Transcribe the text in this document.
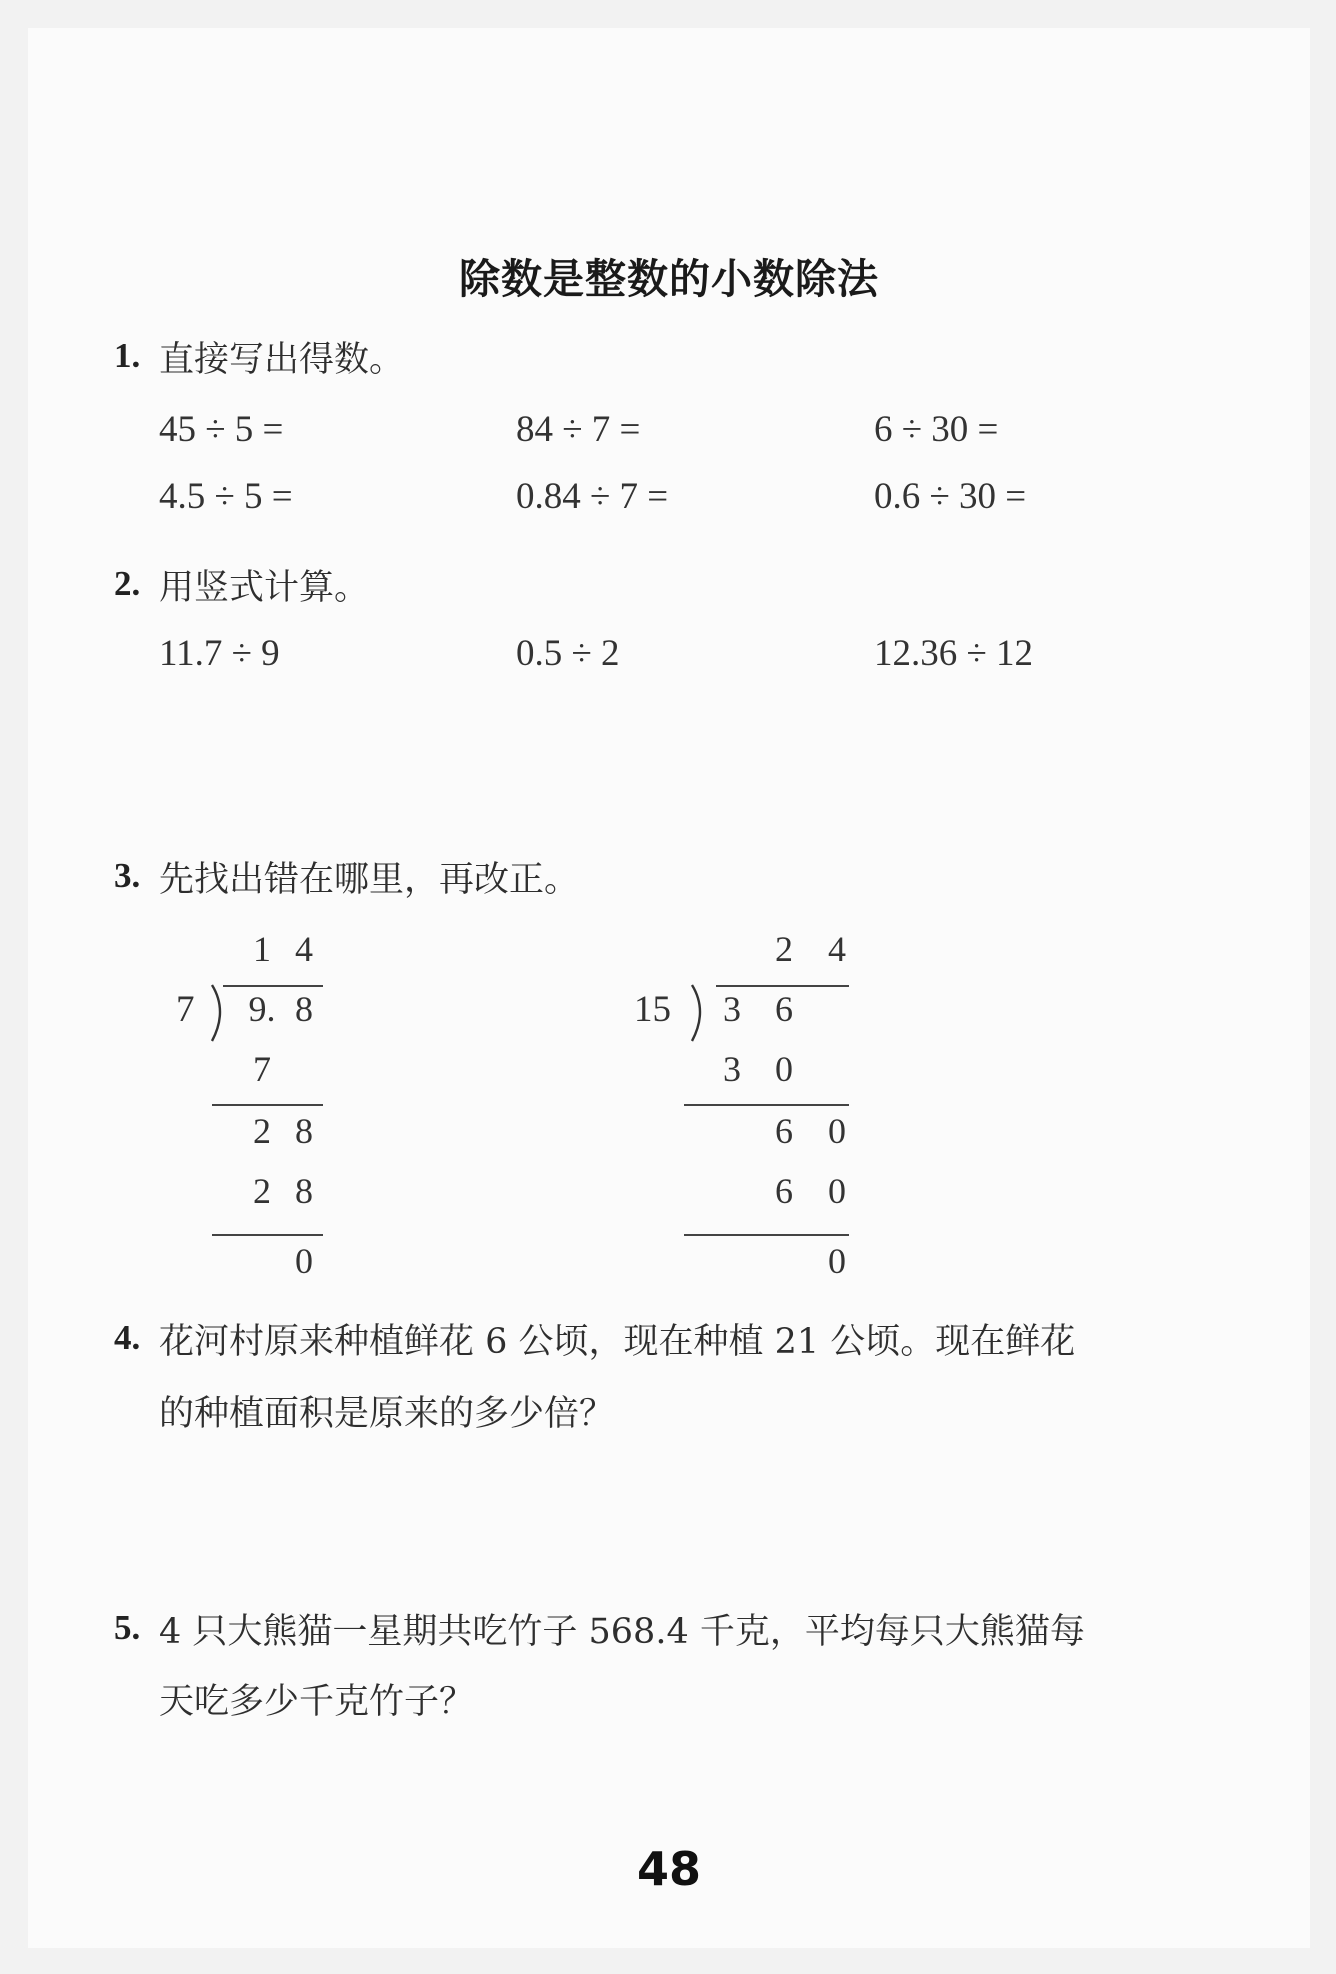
除数是整数的小数除法
1. 直接写出得数。
45 ÷ 5 =	84 ÷ 7 =	6 ÷ 30 =
4.5 ÷ 5 =	0.84 ÷ 7 =	0.6 ÷ 30 =
2. 用竖式计算。
11.7 ÷ 9	0.5 ÷ 2	12.36 ÷ 12
3. 先找出错在哪里，再改正。
1 4
7 9. 8
7
2 8
2 8
0
2 4
15 3 6
3 0
6 0
6 0
0
4. 花河村原来种植鲜花 6 公顷，现在种植 21 公顷。现在鲜花
的种植面积是原来的多少倍？
5. 4 只大熊猫一星期共吃竹子 568.4 千克，平均每只大熊猫每
天吃多少千克竹子？
48
